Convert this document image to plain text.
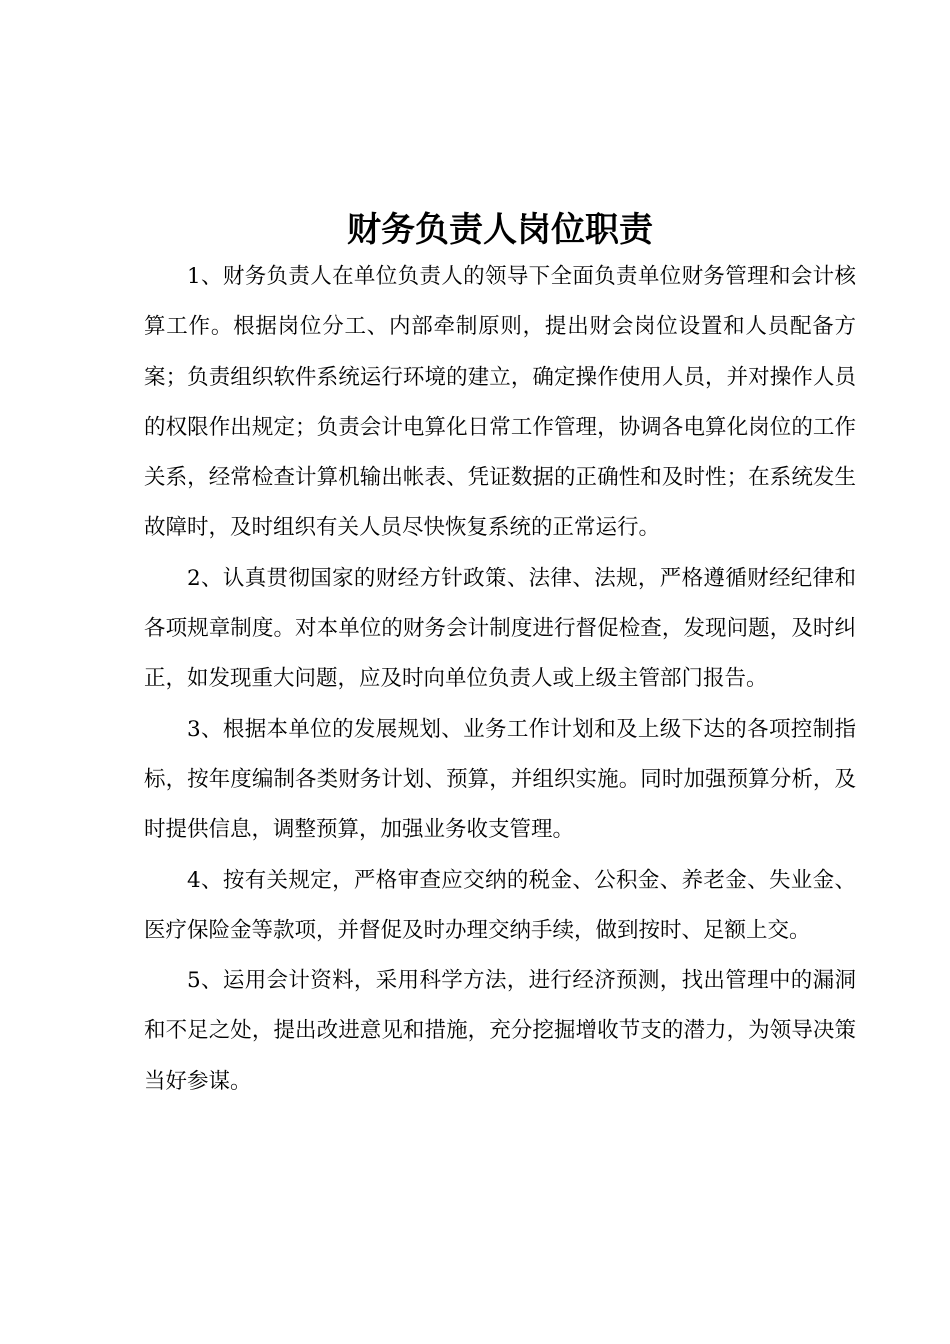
财务负责人岗位职责

1、财务负责人在单位负责人的领导下全面负责单位财务管理和会计核算工作。根据岗位分工、内部牵制原则，提出财会岗位设置和人员配备方案；负责组织软件系统运行环境的建立，确定操作使用人员，并对操作人员的权限作出规定；负责会计电算化日常工作管理，协调各电算化岗位的工作关系，经常检查计算机输出帐表、凭证数据的正确性和及时性；在系统发生故障时，及时组织有关人员尽快恢复系统的正常运行。

2、认真贯彻国家的财经方针政策、法律、法规，严格遵循财经纪律和各项规章制度。对本单位的财务会计制度进行督促检查，发现问题，及时纠正，如发现重大问题，应及时向单位负责人或上级主管部门报告。

3、根据本单位的发展规划、业务工作计划和及上级下达的各项控制指标，按年度编制各类财务计划、预算，并组织实施。同时加强预算分析，及时提供信息，调整预算，加强业务收支管理。

4、按有关规定，严格审查应交纳的税金、公积金、养老金、失业金、医疗保险金等款项，并督促及时办理交纳手续，做到按时、足额上交。

5、运用会计资料，采用科学方法，进行经济预测，找出管理中的漏洞和不足之处，提出改进意见和措施，充分挖掘增收节支的潜力，为领导决策当好参谋。
